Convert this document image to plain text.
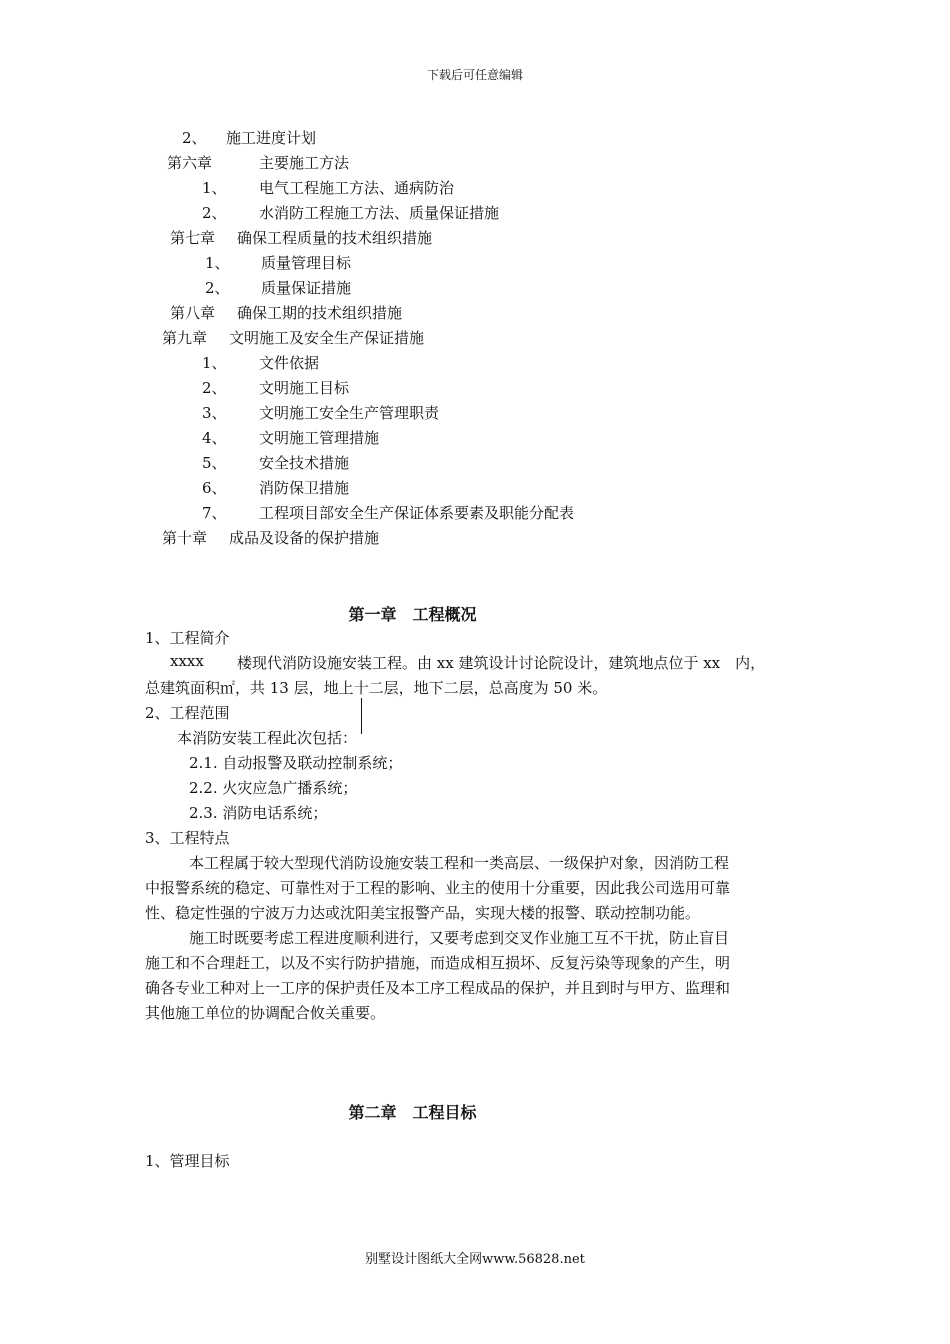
下载后可任意编辑
2、 施工进度计划
第六章	主要施工方法
1、 电气工程施工方法、通病防治
2、 水消防工程施工方法、质量保证措施
第七章 确保工程质量的技术组织措施
1、 质量管理目标
2、 质量保证措施
第八章 确保工期的技术组织措施
第九章 文明施工及安全生产保证措施
1、 文件依据
2、 文明施工目标
3、 文明施工安全生产管理职责
4、 文明施工管理措施
5、 安全技术措施
6、 消防保卫措施
7、 工程项目部安全生产保证体系要素及职能分配表
第十章 成品及设备的保护措施
第一章　工程概况
1、工程简介
xxxx 楼现代消防设施安装工程。由 xx 建筑设计讨论院设计，建筑地点位于 xx　内，
总建筑面积㎡，共 13 层，地上十二层，地下二层，总高度为 50 米。
2、工程范围
本消防安装工程此次包括：
2.1. 自动报警及联动控制系统；
2.2. 火灾应急广播系统；
2.3. 消防电话系统；
3、工程特点
本工程属于较大型现代消防设施安装工程和一类高层、一级保护对象，因消防工程
中报警系统的稳定、可靠性对于工程的影响、业主的使用十分重要，因此我公司选用可靠
性、稳定性强的宁波万力达或沈阳美宝报警产品，实现大楼的报警、联动控制功能。
施工时既要考虑工程进度顺利进行，又要考虑到交叉作业施工互不干扰，防止盲目
施工和不合理赶工，以及不实行防护措施，而造成相互损坏、反复污染等现象的产生，明
确各专业工种对上一工序的保护责任及本工序工程成品的保护，并且到时与甲方、监理和
其他施工单位的协调配合攸关重要。
第二章　工程目标
1、管理目标
别墅设计图纸大全网www.56828.net
